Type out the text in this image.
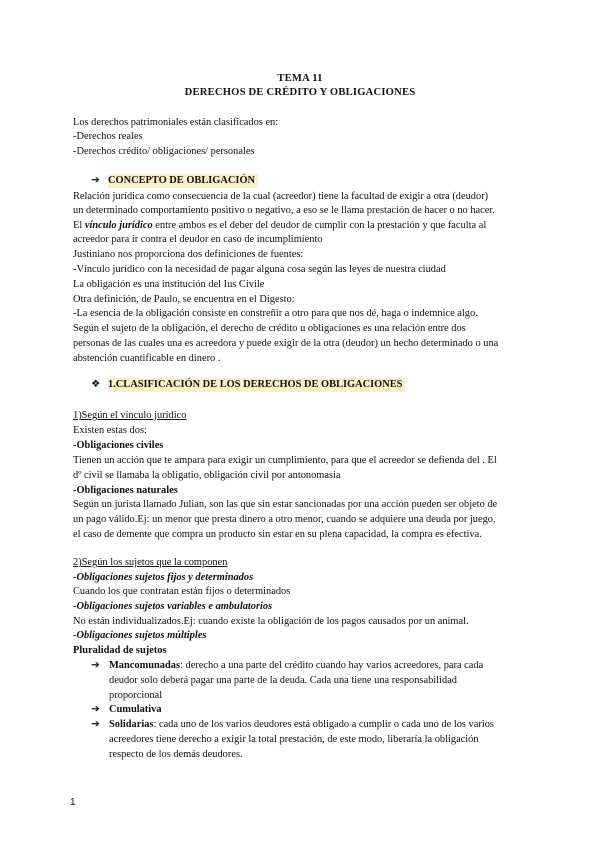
TEMA 11
DERECHOS DE CRÉDITO Y OBLIGACIONES
Los derechos patrimoniales están clasificados en:
-Derechos reales
-Derechos crédito/ obligaciones/ personales
➔ CONCEPTO DE OBLIGACIÓN
Relación jurídica como consecuencia de la cual (acreedor) tiene la facultad de exigir a otra (deudor)
un determinado comportamiento positivo o negativo, a eso se le llama prestación de hacer o no hacer.
El vínculo jurídico entre ambos es el deber del deudor de cumplir con la prestación y que faculta al
acreedor para ir contra el deudor en caso de incumplimiento
Justiniano nos proporciona dos definiciones de fuentes:
-Vínculo jurídico con la necesidad de pagar alguna cosa según las leyes de nuestra ciudad
La obligación es una institución del Ius Civile
Otra definición, de Paulo, se encuentra en el Digesto:
-La esencia de la obligación consiste en constreñir a otro para que nos dé, haga o indemnice algo.
Según el sujeto de la obligación, el derecho de crédito u obligaciones es una relación entre dos
personas de las cuales una es acreedora y puede exigir de la otra (deudor) un hecho determinado o una
abstención cuantificable en dinero .
❖ 1.CLASIFICACIÓN DE LOS DERECHOS DE OBLIGACIONES
1)Según el vínculo jurídico
Existen estas dos:
-Obligaciones civiles
Tienen un acción que te ampara para exigir un cumplimiento, para que el acreedor se defienda del . El
dº civil se llamaba la obligatio, obligación civil por antonomasia
-Obligaciones naturales
Según un jurista llamado Julian, son las que sin estar sancionadas por una acción pueden ser objeto de
un pago válido.Ej: un menor que presta dinero a otro menor, cuando se adquiere una deuda por juego,
el caso de demente que compra un producto sin estar en su plena capacidad, la compra es efectiva.
2)Según los sujetos que la componen
-Obligaciones sujetos fijos y determinados
Cuando los que contratan están fijos o determinados
-Obligaciones sujetos variables e ambulatorios
No están individualizados.Ej: cuando existe la obligación de los pagos causados por un animal.
-Obligaciones sujetos múltiples
Pluralidad de sujetos
➔ Mancomunadas: derecho a una parte del crédito cuando hay varios acreedores, para cada
deudor solo deberá pagar una parte de la deuda. Cada una tiene una responsabilidad
proporcional
➔ Cumulativa
➔ Solidarias: cada uno de los varios deudores está obligado a cumplir o cada uno de los varios
acreedores tiene derecho a exigir la total prestación, de este modo, liberaría la obligación
respecto de los demás deudores.
1
